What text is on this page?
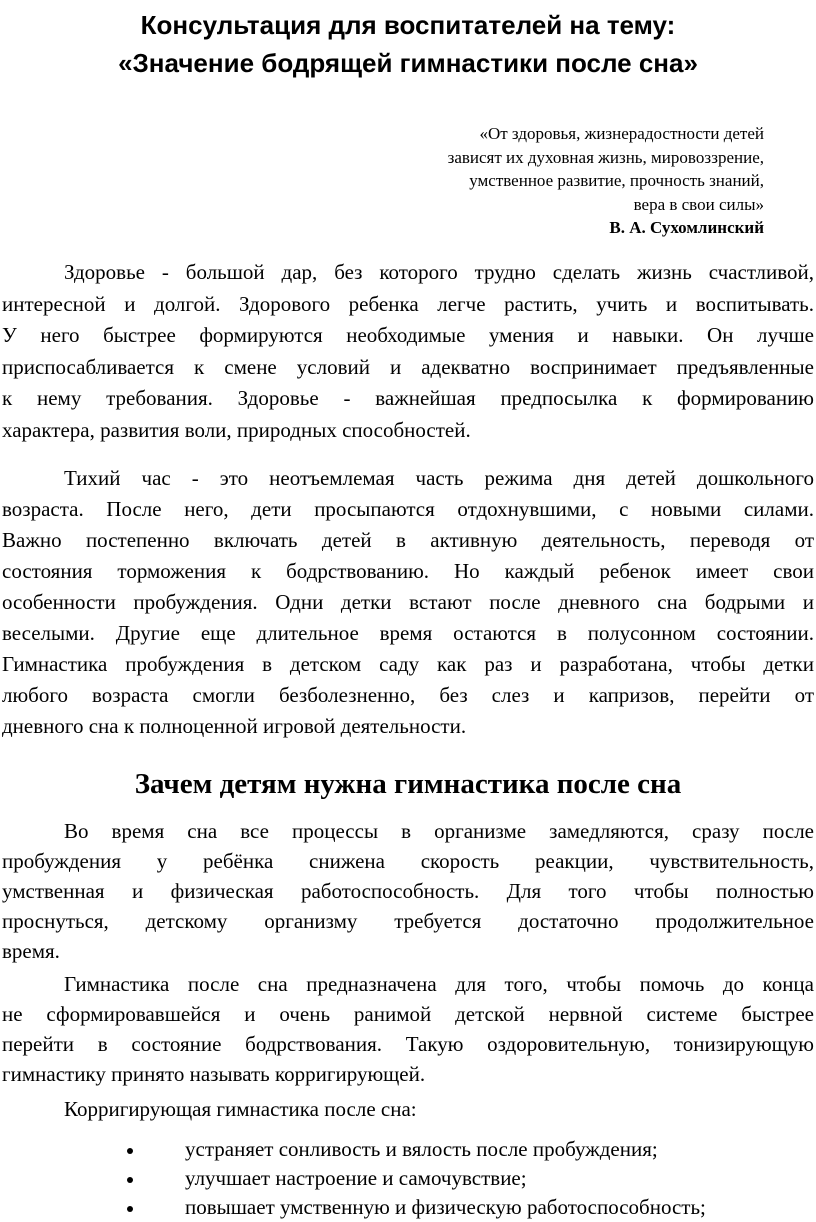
Консультация для воспитателей на тему:
«Значение бодрящей гимнастики после сна»
«От здоровья, жизнерадостности детей
зависят их духовная жизнь, мировоззрение,
умственное развитие, прочность знаний,
вера в свои силы»
В. А. Сухомлинский
Здоровье - большой дар, без которого трудно сделать жизнь счастливой,
интересной и долгой. Здорового ребенка легче растить, учить и воспитывать.
У него быстрее формируются необходимые умения и навыки. Он лучше
приспосабливается к смене условий и адекватно воспринимает предъявленные
к нему требования. Здоровье - важнейшая предпосылка к формированию
характера, развития воли, природных способностей.
Тихий час - это неотъемлемая часть режима дня детей дошкольного
возраста. После него, дети просыпаются отдохнувшими, с новыми силами.
Важно постепенно включать детей в активную деятельность, переводя от
состояния торможения к бодрствованию. Но каждый ребенок имеет свои
особенности пробуждения. Одни детки встают после дневного сна бодрыми и
веселыми. Другие еще длительное время остаются в полусонном состоянии.
Гимнастика пробуждения в детском саду как раз и разработана, чтобы детки
любого возраста смогли безболезненно, без слез и капризов, перейти от
дневного сна к полноценной игровой деятельности.
Зачем детям нужна гимнастика после сна
Во время сна все процессы в организме замедляются, сразу после
пробуждения у ребёнка снижена скорость реакции, чувствительность,
умственная и физическая работоспособность. Для того чтобы полностью
проснуться, детскому организму требуется достаточно продолжительное
время.
Гимнастика после сна предназначена для того, чтобы помочь до конца
не сформировавшейся и очень ранимой детской нервной системе быстрее
перейти в состояние бодрствования. Такую оздоровительную, тонизирующую
гимнастику принято называть корригирующей.
Корригирующая гимнастика после сна:
устраняет сонливость и вялость после пробуждения;
улучшает настроение и самочувствие;
повышает умственную и физическую работоспособность;
